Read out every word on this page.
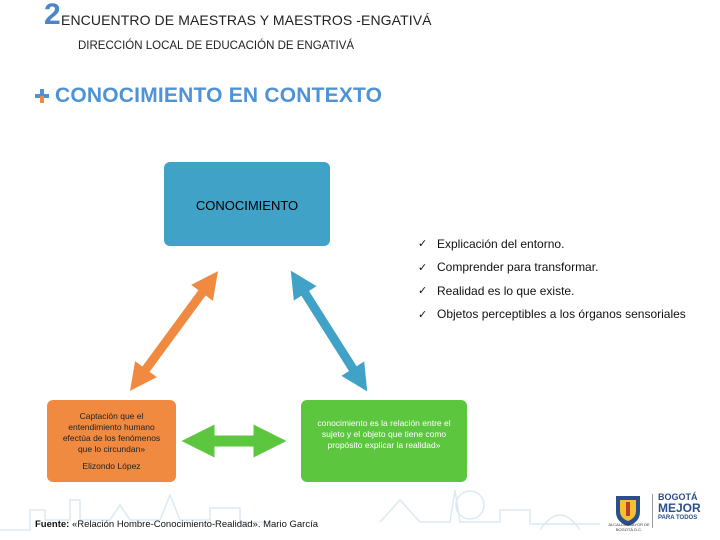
2 ENCUENTRO DE MAESTRAS Y MAESTROS -ENGATIVÁ
DIRECCIÓN LOCAL DE EDUCACIÓN DE ENGATIVÁ
CONOCIMIENTO EN CONTEXTO
CONOCIMIENTO
Captación que el entendimiento humano efectúa de los fenómenos que lo circundan»
Elizondo López
conocimiento es la relación entre el sujeto y el objeto que tiene como propósito explicar la realidad»
✓ Explicación del entorno.
✓ Comprender para transformar.
✓ Realidad es lo que existe.
✓ Objetos perceptibles a los órganos sensoriales
Fuente: «Relación Hombre-Conocimiento-Realidad». Mario García	ALCALDÍA MAYOR DE BOGOTÁ D.C.
BOGOTÁ
MEJOR
PARA TODOS
